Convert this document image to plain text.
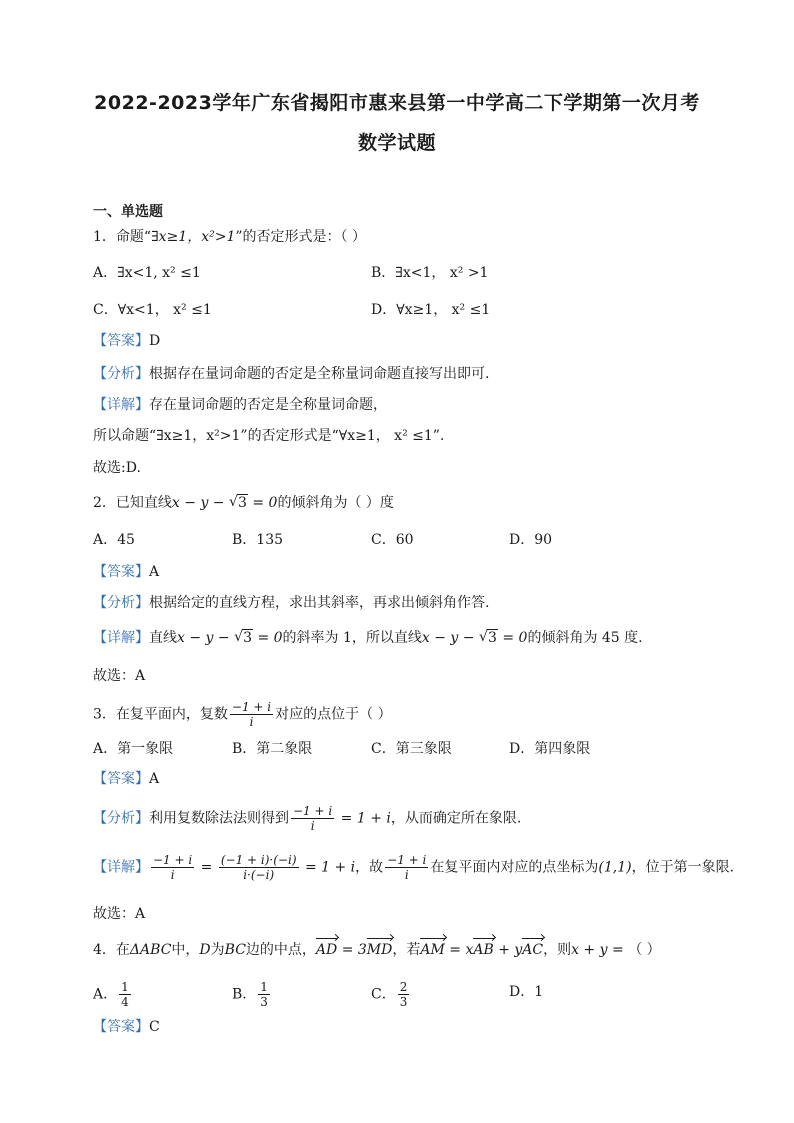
2022-2023学年广东省揭阳市惠来县第一中学高二下学期第一次月考
数学试题
一、单选题
1．命题“∃x≥1，x²>1”的否定形式是：（ ）
A．∃x<1, x² ≤1	B．∃x<1， x² >1
C．∀x<1， x² ≤1	D．∀x≥1， x² ≤1
【答案】D
【分析】根据存在量词命题的否定是全称量词命题直接写出即可.
【详解】存在量词命题的否定是全称量词命题，
所以命题“∃x≥1，x²>1”的否定形式是“∀x≥1， x² ≤1”.
故选:D.
2．已知直线x − y − √ 3 = 0的倾斜角为（ ）度
A．45	B．135	C．60	D．90
【答案】A
【分析】根据给定的直线方程，求出其斜率，再求出倾斜角作答.
【详解】直线x − y − √ 3 = 0的斜率为 1，所以直线x − y − √ 3 = 0的倾斜角为 45 度.
故选：A
3．在复平面内，复数 $\frac{-1 + i}{i}$ 对应的点位于（ ）
A．第一象限	B．第二象限	C．第三象限	D．第四象限
【答案】A
【分析】利用复数除法法则得到 $\frac{-1 + i}{i} = 1 + i$，从而确定所在象限.
【详解】 $\frac{-1 + i}{i} = \frac{(-1 + i)\cdot(-i)}{i\cdot(-i)} = 1 + i$，故 $\frac{-1 + i}{i}$ 在复平面内对应的点坐标为(1,1)，位于第一象限.
故选：A
4．在ΔABC中，D为BC边的中点，AD = 3MD，若AM = xAB + yAC，则x + y = （ ）
A． $\frac{1}{4}$	B． $\frac{1}{3}$	C． $\frac{2}{3}$	D．1
【答案】C
